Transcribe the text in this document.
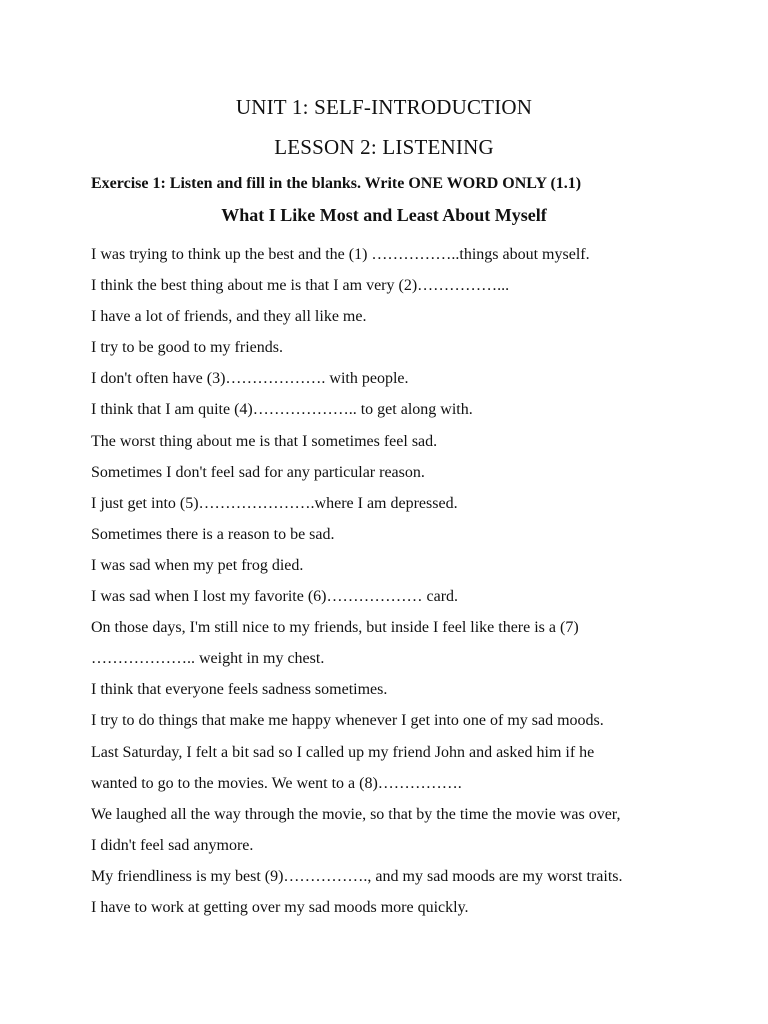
UNIT 1: SELF-INTRODUCTION
LESSON 2: LISTENING
Exercise 1: Listen and fill in the blanks. Write ONE WORD ONLY (1.1)
What I Like Most and Least About Myself
I was trying to think up the best and the (1) ……………..things about myself.
I think the best thing about me is that I am very (2)……………...
I have a lot of friends, and they all like me.
I try to be good to my friends.
I don't often have (3)………………. with people.
I think that I am quite (4)……………….. to get along with.
The worst thing about me is that I sometimes feel sad.
Sometimes I don't feel sad for any particular reason.
I just get into (5)………………….where I am depressed.
Sometimes there is a reason to be sad.
I was sad when my pet frog died.
I was sad when I lost my favorite (6)……………… card.
On those days, I'm still nice to my friends, but inside I feel like there is a (7)
……………….. weight in my chest.
I think that everyone feels sadness sometimes.
I try to do things that make me happy whenever I get into one of my sad moods.
Last Saturday, I felt a bit sad so I called up my friend John and asked him if he
wanted to go to the movies. We went to a (8)…………….
We laughed all the way through the movie, so that by the time the movie was over,
I didn't feel sad anymore.
My friendliness is my best (9)……………., and my sad moods are my worst traits.
I have to work at getting over my sad moods more quickly.
